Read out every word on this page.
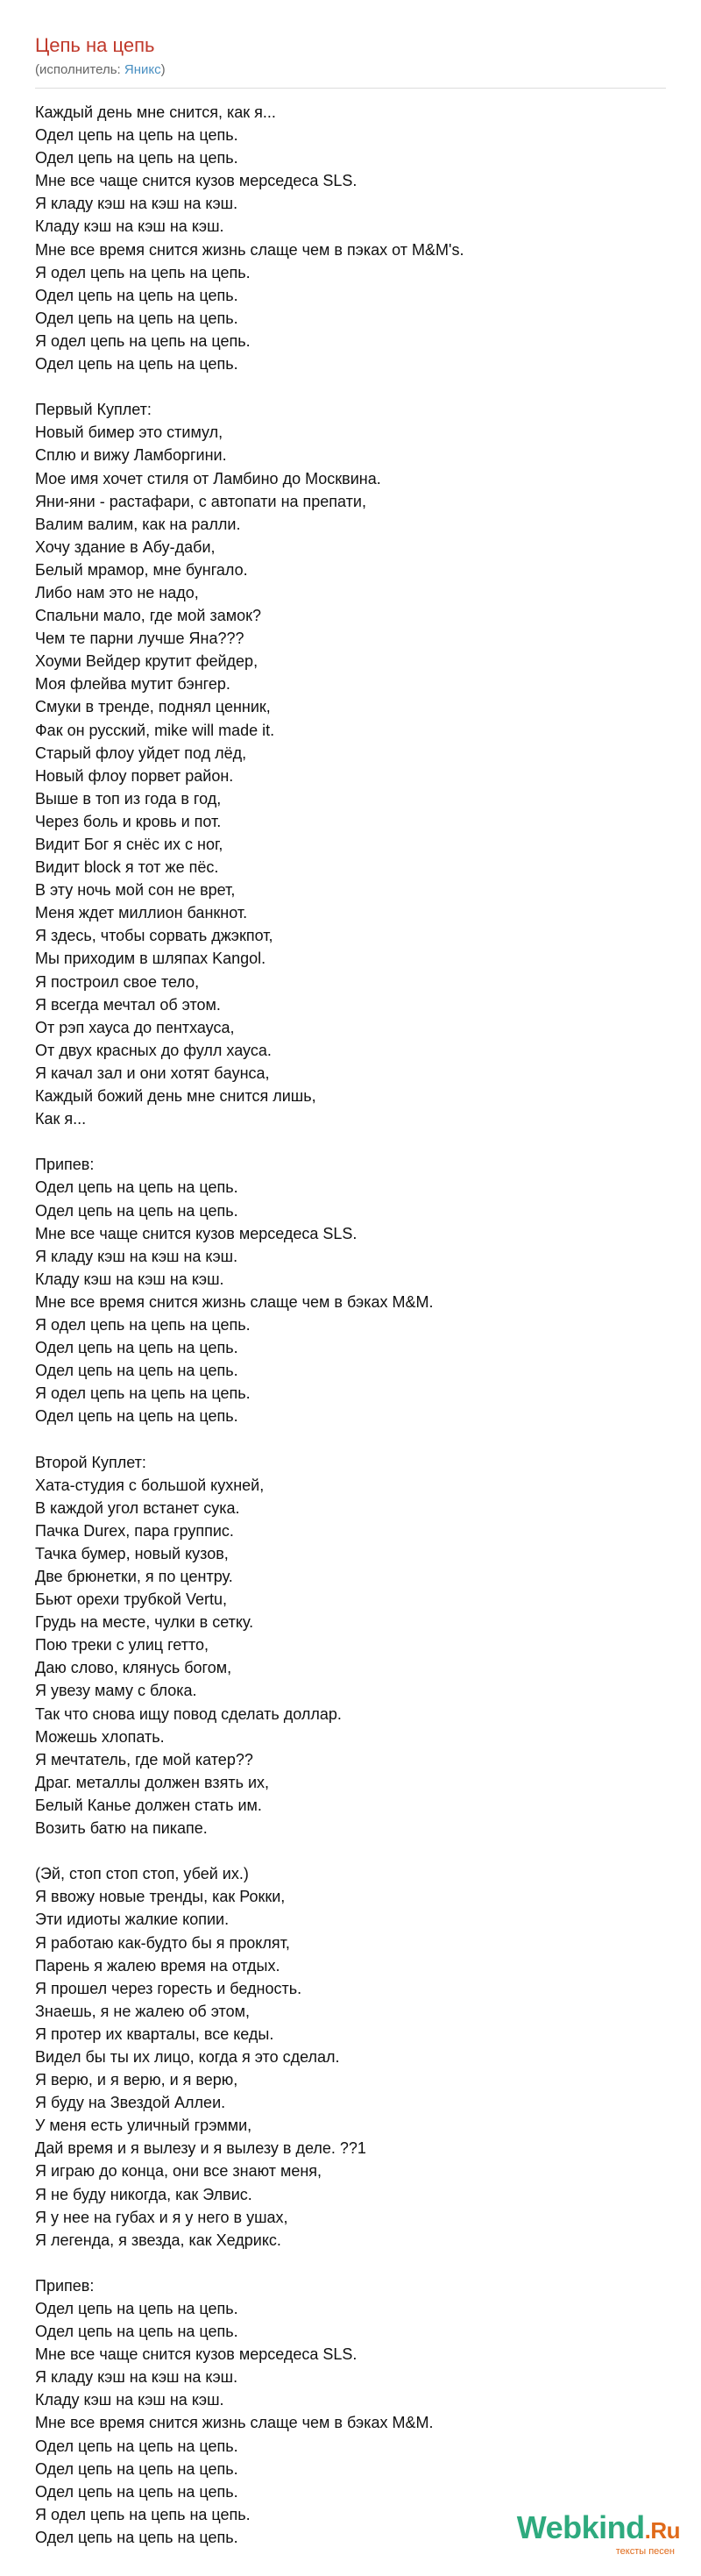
Цепь на цепь
(исполнитель: Яникс)
Каждый день мне снится, как я...
Одел цепь на цепь на цепь.
Одел цепь на цепь на цепь.
Мне все чаще снится кузов мерседеса SLS.
Я кладу кэш на кэш на кэш.
Кладу кэш на кэш на кэш.
Мне все время снится жизнь слаще чем в пэках от M&M's.
Я одел цепь на цепь на цепь.
Одел цепь на цепь на цепь.
Одел цепь на цепь на цепь.
Я одел цепь на цепь на цепь.
Одел цепь на цепь на цепь.
Первый Куплет:
Новый бимер это стимул,
Сплю и вижу Ламборгини.
Мое имя хочет стиля от Ламбино до Москвина.
Яни-яни - растафари, с автопати на препати,
Валим валим, как на ралли.
Хочу здание в Абу-даби,
Белый мрамор, мне бунгало.
Либо нам это не надо,
Спальни мало, где мой замок?
Чем те парни лучше Яна???
Хоуми Вейдер крутит фейдер,
Моя флейва мутит бэнгер.
Смуки в тренде, поднял ценник,
Фак он русский, mike will made it.
Старый флоу уйдет под лёд,
Новый флоу порвет район.
Выше в топ из года в год,
Через боль и кровь и пот.
Видит Бог я снёс их с ног,
Видит block я тот же пёс.
В эту ночь мой сон не врет,
Меня ждет миллион банкнот.
Я здесь, чтобы сорвать джэкпот,
Мы приходим в шляпах Kangol.
Я построил свое тело,
Я всегда мечтал об этом.
От рэп хауса до пентхауса,
От двух красных до фулл хауса.
Я качал зал и они хотят бaунса,
Каждый божий день мне снится лишь,
Как я...
Припев:
Одел цепь на цепь на цепь.
Одел цепь на цепь на цепь.
Мне все чаще снится кузов мерседеса SLS.
Я кладу кэш на кэш на кэш.
Кладу кэш на кэш на кэш.
Мне все время снится жизнь слаще чем в бэках M&M.
Я одел цепь на цепь на цепь.
Одел цепь на цепь на цепь.
Одел цепь на цепь на цепь.
Я одел цепь на цепь на цепь.
Одел цепь на цепь на цепь.
Второй Куплет:
Хата-студия с большой кухней,
В каждой угол встанет сука.
Пачка Durex, пара группис.
Тачка бумер, новый кузов,
Две брюнетки, я по центру.
Бьют орехи трубкой Vertu,
Грудь на месте, чулки в сетку.
Пою треки с улиц гетто,
Даю слово, клянусь богом,
Я увезу маму с блока.
Так что снова ищу повод сделать доллар.
Можешь хлопать.
Я мечтатель, где мой катер??
Драг. металлы должен взять их,
Белый Канье должен стать им.
Возить батю на пикапе.
(Эй, стоп стоп стоп, убей их.)
Я ввожу новые тренды, как Рокки,
Эти идиоты жалкие копии.
Я работаю как-будто бы я проклят,
Парень я жалею время на отдых.
Я прошел через горесть и бедность.
Знаешь, я не жалею об этом,
Я протер их кварталы, все кеды.
Видел бы ты их лицо, когда я это сделал.
Я верю, и я верю, и я верю,
Я буду на Звездой Аллеи.
У меня есть уличный грэмми,
Дай время и я вылезу и я вылезу в деле. ??1
Я играю до конца, они все знают меня,
Я не буду никогда, как Элвис.
Я у нее на губах и я у него в ушах,
Я легенда, я звезда, как Хедрикс.
Припев:
Одел цепь на цепь на цепь.
Одел цепь на цепь на цепь.
Мне все чаще снится кузов мерседеса SLS.
Я кладу кэш на кэш на кэш.
Кладу кэш на кэш на кэш.
Мне все время снится жизнь слаще чем в бэках M&M.
Одел цепь на цепь на цепь.
Одел цепь на цепь на цепь.
Одел цепь на цепь на цепь.
Я одел цепь на цепь на цепь.
Одел цепь на цепь на цепь.	Webkind.Ru
тексты песен
